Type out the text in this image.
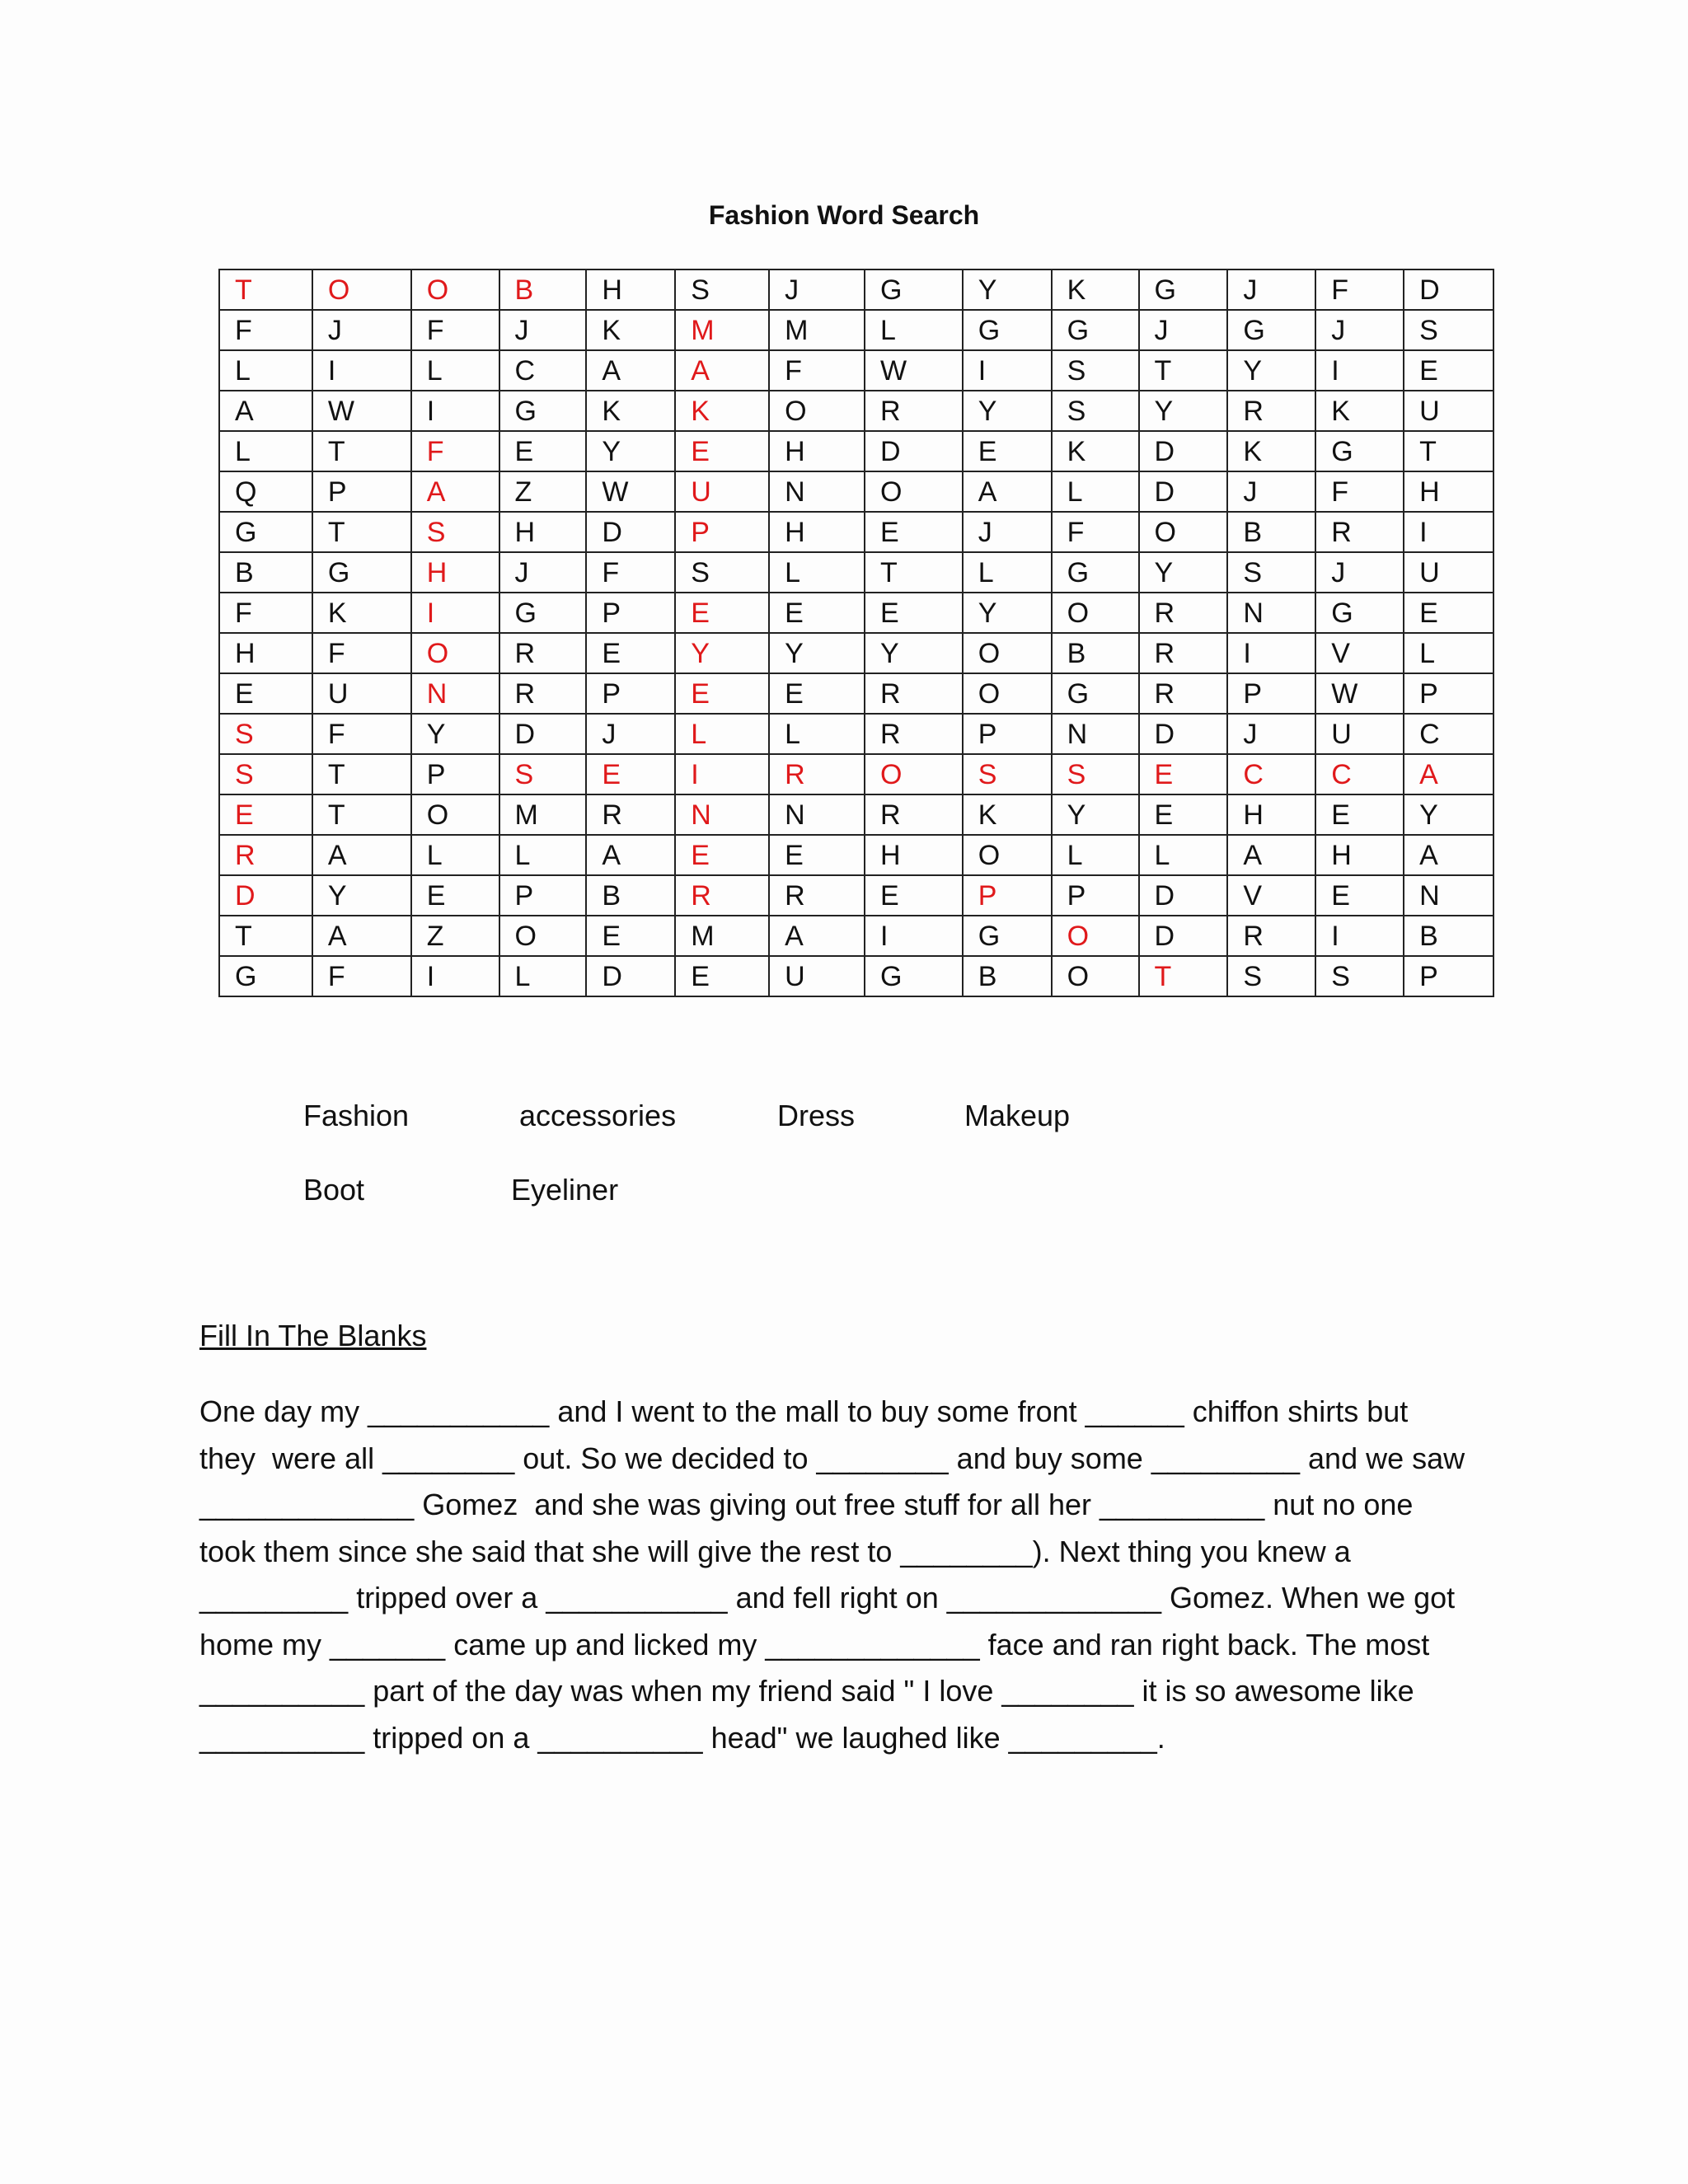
Fashion Word Search
T	O	O	B	H	S	J	G	Y	K	G	J	F	D
F	J	F	J	K	M	M	L	G	G	J	G	J	S
L	I	L	C	A	A	F	W	I	S	T	Y	I	E
A	W	I	G	K	K	O	R	Y	S	Y	R	K	U
L	T	F	E	Y	E	H	D	E	K	D	K	G	T
Q	P	A	Z	W	U	N	O	A	L	D	J	F	H
G	T	S	H	D	P	H	E	J	F	O	B	R	I
B	G	H	J	F	S	L	T	L	G	Y	S	J	U
F	K	I	G	P	E	E	E	Y	O	R	N	G	E
H	F	O	R	E	Y	Y	Y	O	B	R	I	V	L
E	U	N	R	P	E	E	R	O	G	R	P	W	P
S	F	Y	D	J	L	L	R	P	N	D	J	U	C
S	T	P	S	E	I	R	O	S	S	E	C	C	A
E	T	O	M	R	N	N	R	K	Y	E	H	E	Y
R	A	L	L	A	E	E	H	O	L	L	A	H	A
D	Y	E	P	B	R	R	E	P	P	D	V	E	N
T	A	Z	O	E	M	A	I	G	O	D	R	I	B
G	F	I	L	D	E	U	G	B	O	T	S	S	P
Fashion	accessories	Dress	Makeup
Boot	Eyeliner
Fill In The Blanks
One day my ___________ and I went to the mall to buy some front ______ chiffon shirts but
they  were all ________ out. So we decided to ________ and buy some _________ and we saw
_____________ Gomez  and she was giving out free stuff for all her __________ nut no one
took them since she said that she will give the rest to ________). Next thing you knew a
_________ tripped over a ___________ and fell right on _____________ Gomez. When we got
home my _______ came up and licked my _____________ face and ran right back. The most
__________ part of the day was when my friend said " I love ________ it is so awesome like
__________ tripped on a __________ head" we laughed like _________.
